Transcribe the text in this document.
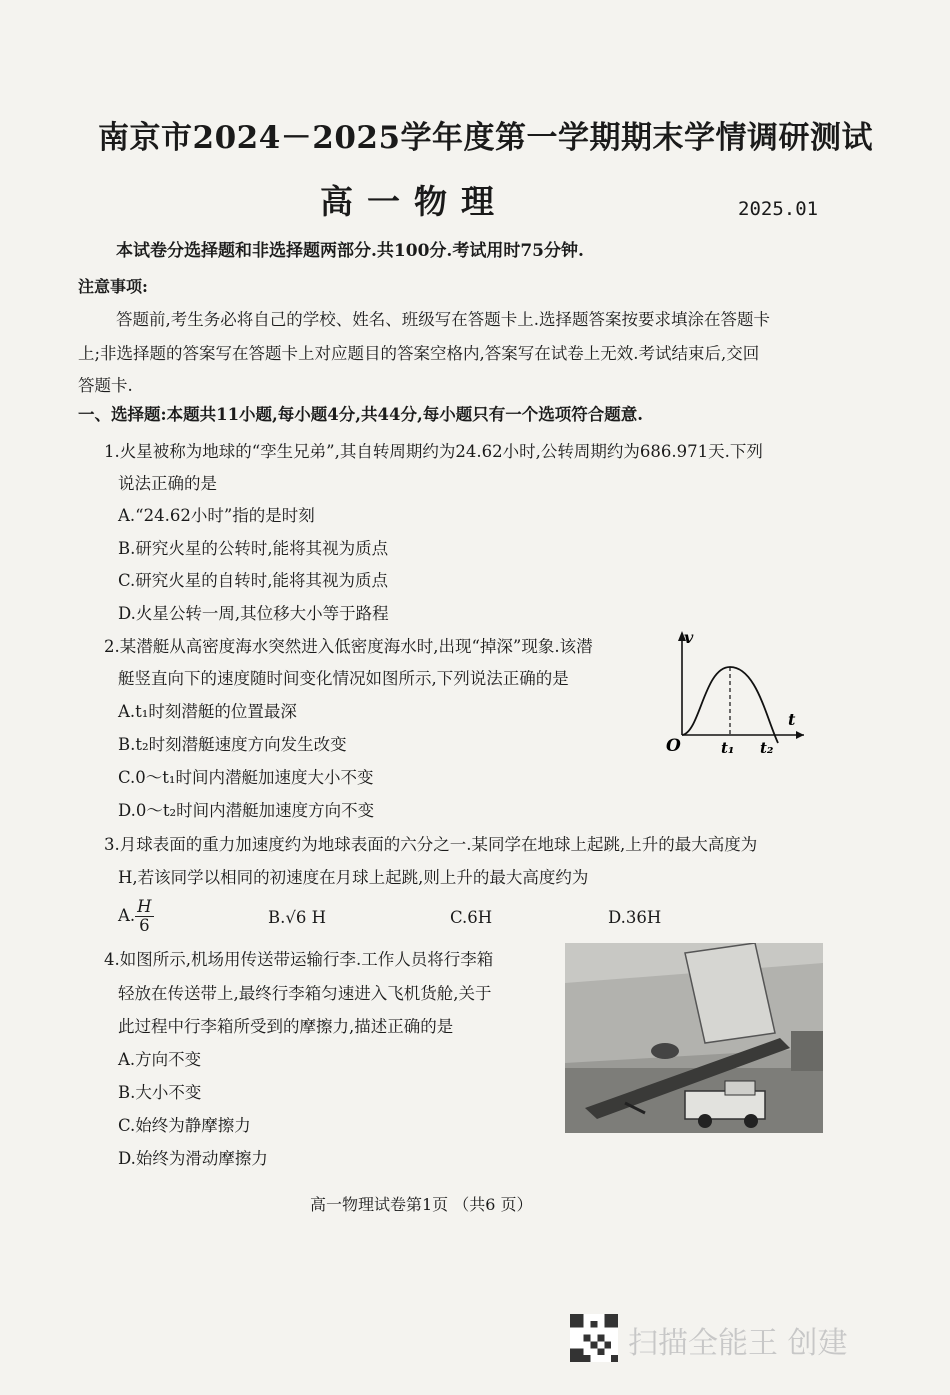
南京市2024－2025学年度第一学期期末学情调研测试
高一物理	2025.01
本试卷分选择题和非选择题两部分.共100分.考试用时75分钟.
注意事项:
答题前,考生务必将自己的学校、姓名、班级写在答题卡上.选择题答案按要求填涂在答题卡
上;非选择题的答案写在答题卡上对应题目的答案空格内,答案写在试卷上无效.考试结束后,交回
答题卡.
一、选择题:本题共11小题,每小题4分,共44分,每小题只有一个选项符合题意.
1.火星被称为地球的“孪生兄弟”,其自转周期约为24.62小时,公转周期约为686.971天.下列
说法正确的是
A.“24.62小时”指的是时刻
B.研究火星的公转时,能将其视为质点
C.研究火星的自转时,能将其视为质点
D.火星公转一周,其位移大小等于路程
2.某潜艇从高密度海水突然进入低密度海水时,出现“掉深”现象.该潜
艇竖直向下的速度随时间变化情况如图所示,下列说法正确的是
A.t₁时刻潜艇的位置最深
B.t₂时刻潜艇速度方向发生改变
C.0～t₁时间内潜艇加速度大小不变
D.0～t₂时间内潜艇加速度方向不变
v
t
O	t₁ t₂
3.月球表面的重力加速度约为地球表面的六分之一.某同学在地球上起跳,上升的最大高度为
H,若该同学以相同的初速度在月球上起跳,则上升的最大高度约为
A. $\frac{H}{6}$	B.√6 H	C.6H	D.36H
4.如图所示,机场用传送带运输行李.工作人员将行李箱
轻放在传送带上,最终行李箱匀速进入飞机货舱,关于
此过程中行李箱所受到的摩擦力,描述正确的是
A.方向不变
B.大小不变
C.始终为静摩擦力
D.始终为滑动摩擦力
高一物理试卷第1页 （共6 页）
扫描全能王 创建
